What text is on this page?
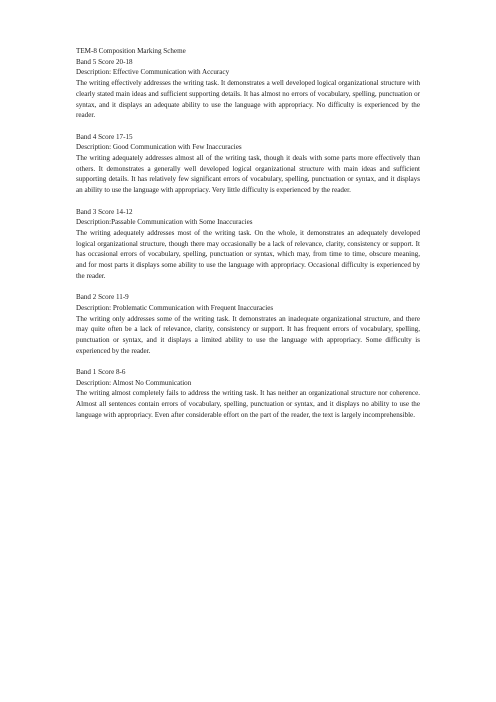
TEM-8 Composition Marking Scheme
Band 5 Score 20-18
Description: Effective Communication with Accuracy

The writing effectively addresses the writing task. It demonstrates a well developed logical organizational structure with clearly stated main ideas and sufficient supporting details. It has almost no errors of vocabulary, spelling, punctuation or syntax, and it displays an adequate ability to use the language with appropriacy. No difficulty is experienced by the reader.

Band 4 Score 17-15
Description: Good Communication with Few Inaccuracies

The writing adequately addresses almost all of the writing task, though it deals with some parts more effectively than others. It demonstrates a generally well developed logical organizational structure with main ideas and sufficient supporting details. It has relatively few significant errors of vocabulary, spelling, punctuation or syntax, and it displays an ability to use the language with appropriacy. Very little difficulty is experienced by the reader.

Band 3 Score 14-12
Description:Passable Communication with Some Inaccuracies

The writing adequately addresses most of the writing task. On the whole, it demonstrates an adequately developed logical organizational structure, though there may occasionally be a lack of relevance, clarity, consistency or support. It has occasional errors of vocabulary, spelling, punctuation or syntax, which may, from time to time, obscure meaning, and for most parts it displays some ability to use the language with appropriacy. Occasional difficulty is experienced by the reader.

Band 2 Score 11-9
Description: Problematic Communication with Frequent Inaccuracies

The writing only addresses some of the writing task. It demonstrates an inadequate organizational structure, and there may quite often be a lack of relevance, clarity, consistency or support. It has frequent errors of vocabulary, spelling, punctuation or syntax, and it displays a limited ability to use the language with appropriacy. Some difficulty is experienced by the reader.

Band 1 Score 8-6
Description: Almost No Communication

The writing almost completely fails to address the writing task. It has neither an organizational structure nor coherence. Almost all sentences contain errors of vocabulary, spelling, punctuation or syntax, and it displays no ability to use the language with appropriacy. Even after considerable effort on the part of the reader, the text is largely incomprehensible.
